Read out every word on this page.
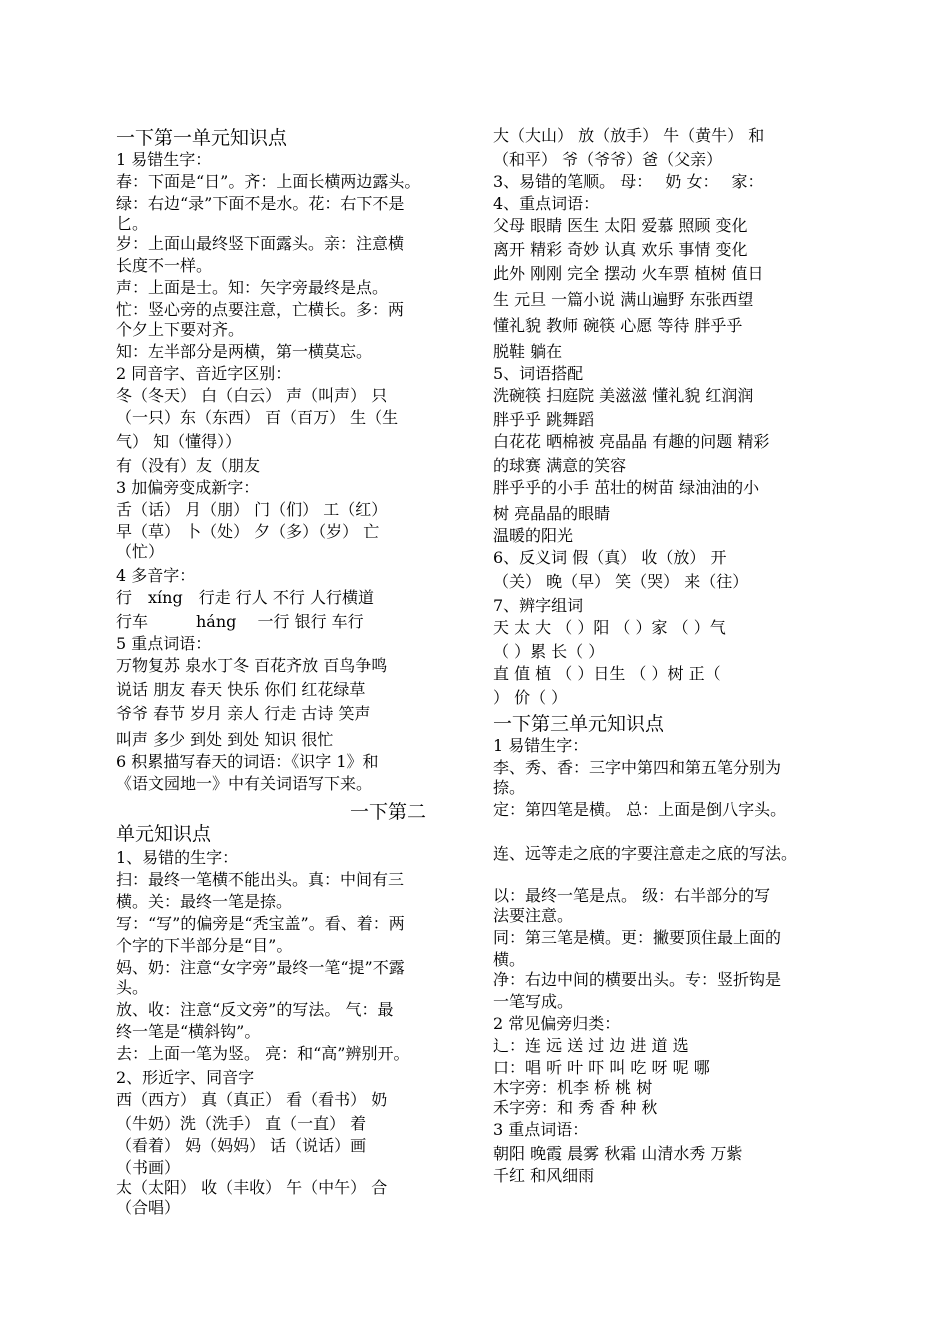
一下第一单元知识点
1 易错生字：
春：下面是“日”。齐：上面长横两边露头。
绿：右边“录”下面不是水。花：右下不是
匕。
岁：上面山最终竖下面露头。亲：注意横
长度不一样。
声：上面是士。知：矢字旁最终是点。
忙：竖心旁的点要注意，亡横长。多：两
个夕上下要对齐。
知：左半部分是两横，第一横莫忘。
2 同音字、音近字区别：
冬（冬天） 白（白云） 声（叫声） 只
（一只）东（东西） 百（百万） 生（生
气） 知（懂得））
有（没有）友（朋友
3 加偏旁变成新字：
舌（话） 月（朋） 门（们） 工（红）
早（草） 卜（处） 夕（多）（岁） 亡
（忙）
4 多音字：
行　xíng　行走 行人 不行 人行横道
行车　　　háng　 一行 银行 车行
5 重点词语：
万物复苏 泉水丁冬 百花齐放 百鸟争鸣
说话 朋友 春天 快乐 你们 红花绿草
爷爷 春节 岁月 亲人 行走 古诗 笑声
叫声 多少 到处 到处 知识 很忙
6 积累描写春天的词语：《识字 1》和
《语文园地一》中有关词语写下来。
一下第二
单元知识点
1、易错的生字：
扫：最终一笔横不能出头。真：中间有三
横。关：最终一笔是捺。
写：“写”的偏旁是“秃宝盖”。看、着：两
个字的下半部分是“目”。
妈、奶：注意“女字旁”最终一笔“提”不露
头。
放、收：注意“反文旁”的写法。 气：最
终一笔是“横斜钩”。
去：上面一笔为竖。 亮：和“高”辨别开。
2、形近字、同音字
西（西方） 真（真正） 看（看书） 奶
（牛奶）洗（洗手） 直（一直） 着
（看着） 妈（妈妈） 话（说话）画
（书画）
太（太阳） 收（丰收） 午（中午） 合
（合唱）
大（大山） 放（放手） 牛（黄牛） 和
（和平） 爷（爷爷）爸（父亲）
3、易错的笔顺。 母：　 奶 女：　 家：
4、重点词语：
父母 眼睛 医生 太阳 爱慕 照顾 变化
离开 精彩 奇妙 认真 欢乐 事情 变化
此外 刚刚 完全 摆动 火车票 植树 值日
生 元旦 一篇小说 满山遍野 东张西望
懂礼貌 教师 碗筷 心愿 等待 胖乎乎
脱鞋 躺在
5、词语搭配
洗碗筷 扫庭院 美滋滋 懂礼貌 红润润
胖乎乎 跳舞蹈
白花花 晒棉被 亮晶晶 有趣的问题 精彩
的球赛 满意的笑容
胖乎乎的小手 茁壮的树苗 绿油油的小
树 亮晶晶的眼睛
温暖的阳光
6、反义词 假（真） 收（放） 开
（关） 晚（早） 笑（哭） 来（往）
7、辨字组词
天 太 大 （ ）阳 （ ）家 （ ）气
（ ）累 长（ ）
直 值 植 （ ）日生 （ ）树 正（
） 价（ ）
一下第三单元知识点
1 易错生字：
李、秀、香：三字中第四和第五笔分别为
捺。
定：第四笔是横。 总：上面是倒八字头。
连、远等走之底的字要注意走之底的写法。
以：最终一笔是点。 级：右半部分的写
法要注意。
同：第三笔是横。更：撇要顶住最上面的
横。
净：右边中间的横要出头。专：竖折钩是
一笔写成。
2 常见偏旁归类：
辶：连 远 送 过 边 进 道 选
口：唱 听 叶 吓 叫 吃 呀 呢 哪
木字旁：机李 桥 桃 树
禾字旁：和 秀 香 种 秋
3 重点词语：
朝阳 晚霞 晨雾 秋霜 山清水秀 万紫
千红 和风细雨
